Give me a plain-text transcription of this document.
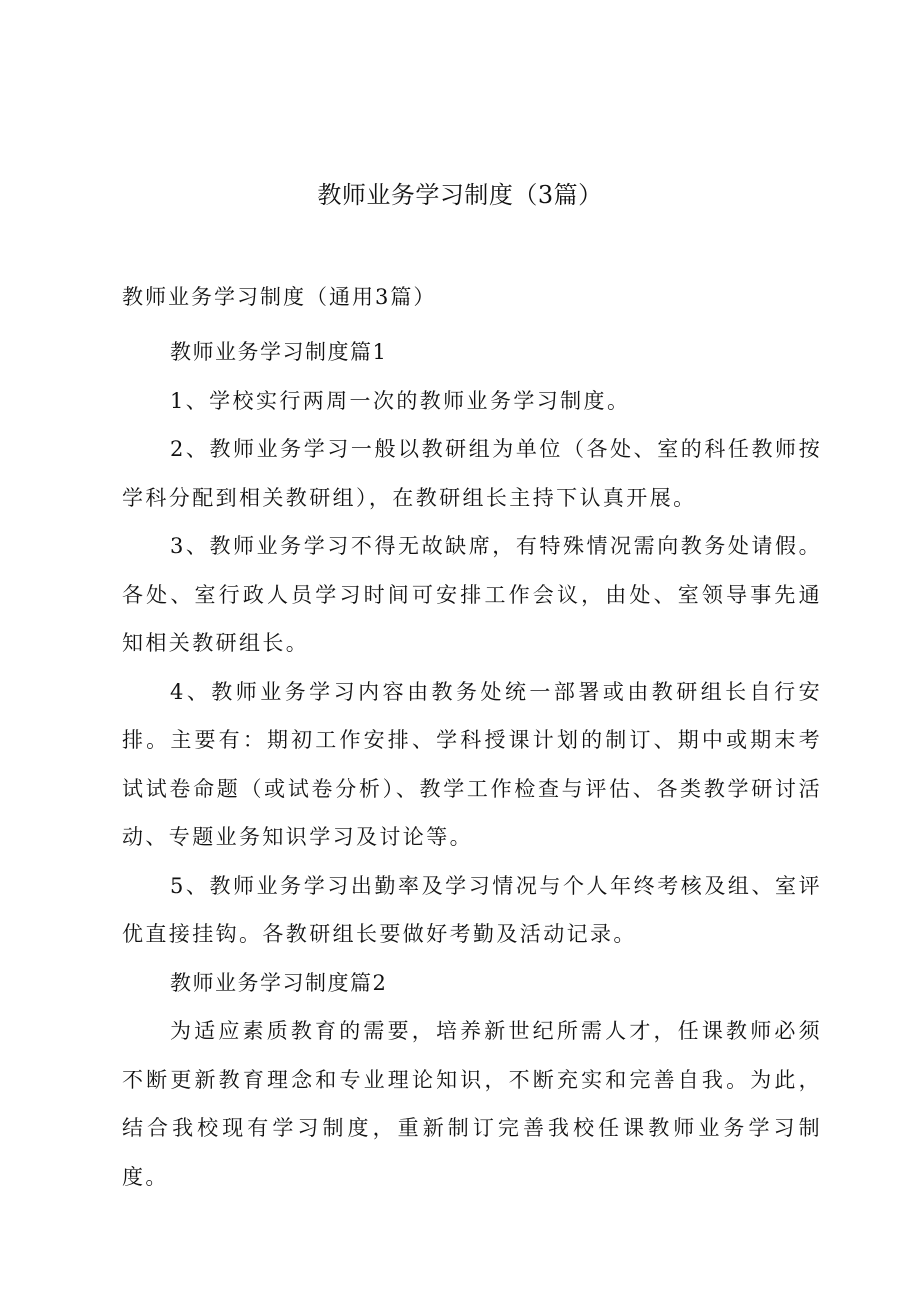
教师业务学习制度（3篇）
教师业务学习制度（通用3篇）

教师业务学习制度篇1

1、学校实行两周一次的教师业务学习制度。

2、教师业务学习一般以教研组为单位（各处、室的科任教师按学科分配到相关教研组），在教研组长主持下认真开展。

3、教师业务学习不得无故缺席，有特殊情况需向教务处请假。各处、室行政人员学习时间可安排工作会议，由处、室领导事先通知相关教研组长。

4、教师业务学习内容由教务处统一部署或由教研组长自行安排。主要有：期初工作安排、学科授课计划的制订、期中或期末考试试卷命题（或试卷分析）、教学工作检查与评估、各类教学研讨活动、专题业务知识学习及讨论等。

5、教师业务学习出勤率及学习情况与个人年终考核及组、室评优直接挂钩。各教研组长要做好考勤及活动记录。

教师业务学习制度篇2

为适应素质教育的需要，培养新世纪所需人才，任课教师必须不断更新教育理念和专业理论知识，不断充实和完善自我。为此，结合我校现有学习制度，重新制订完善我校任课教师业务学习制度。
